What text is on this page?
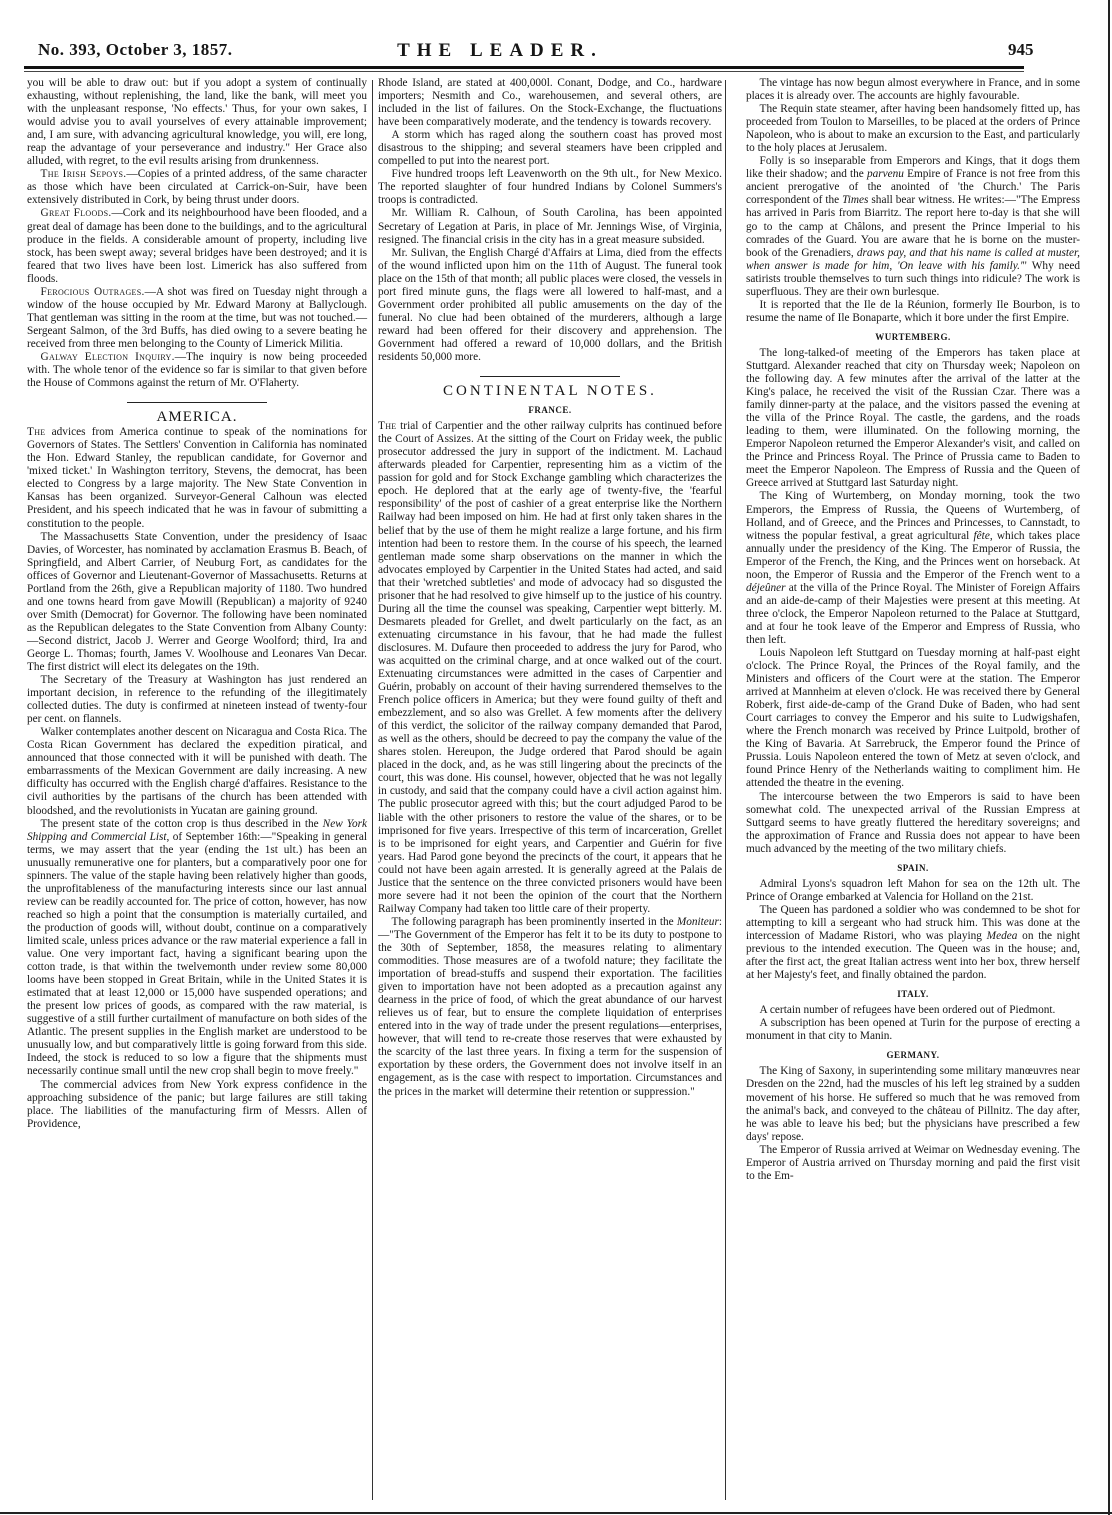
No. 393, October 3, 1857.	THE LEADER.	945

you will be able to draw out: but if you adopt a system of continually exhausting, without replenishing, the land, like the bank, will meet you with the unpleasant response, 'No effects.' Thus, for your own sakes, I would advise you to avail yourselves of every attainable improvement; and, I am sure, with advancing agricultural knowledge, you will, ere long, reap the advantage of your perseverance and industry." Her Grace also alluded, with regret, to the evil results arising from drunkenness.

The Irish Sepoys.—Copies of a printed address, of the same character as those which have been circulated at Carrick-on-Suir, have been extensively distributed in Cork, by being thrust under doors.

Great Floods.—Cork and its neighbourhood have been flooded, and a great deal of damage has been done to the buildings, and to the agricultural produce in the fields. A considerable amount of property, including live stock, has been swept away; several bridges have been destroyed; and it is feared that two lives have been lost. Limerick has also suffered from floods.

Ferocious Outrages.—A shot was fired on Tuesday night through a window of the house occupied by Mr. Edward Marony at Ballyclough. That gentleman was sitting in the room at the time, but was not touched.—Sergeant Salmon, of the 3rd Buffs, has died owing to a severe beating he received from three men belonging to the County of Limerick Militia.

Galway Election Inquiry.—The inquiry is now being proceeded with. The whole tenor of the evidence so far is similar to that given before the House of Commons against the return of Mr. O'Flaherty.

AMERICA.

The advices from America continue to speak of the nominations for Governors of States. The Settlers' Convention in California has nominated the Hon. Edward Stanley, the republican candidate, for Governor and 'mixed ticket.' In Washington territory, Stevens, the democrat, has been elected to Congress by a large majority. The New State Convention in Kansas has been organized. Surveyor-General Calhoun was elected President, and his speech indicated that he was in favour of submitting a constitution to the people.

The Massachusetts State Convention, under the presidency of Isaac Davies, of Worcester, has nominated by acclamation Erasmus B. Beach, of Springfield, and Albert Carrier, of Neuburg Fort, as candidates for the offices of Governor and Lieutenant-Governor of Massachusetts. Returns at Portland from the 26th, give a Republican majority of 1180. Two hundred and one towns heard from gave Mowill (Republican) a majority of 9240 over Smith (Democrat) for Governor. The following have been nominated as the Republican delegates to the State Convention from Albany County:—Second district, Jacob J. Werrer and George Woolford; third, Ira and George L. Thomas; fourth, James V. Woolhouse and Leonares Van Decar. The first district will elect its delegates on the 19th.

The Secretary of the Treasury at Washington has just rendered an important decision, in reference to the refunding of the illegitimately collected duties. The duty is confirmed at nineteen instead of twenty-four per cent. on flannels.

Walker contemplates another descent on Nicaragua and Costa Rica. The Costa Rican Government has declared the expedition piratical, and announced that those connected with it will be punished with death. The embarrassments of the Mexican Government are daily increasing. A new difficulty has occurred with the English chargé d'affaires. Resistance to the civil authorities by the partisans of the church has been attended with bloodshed, and the revolutionists in Yucatan are gaining ground.

The present state of the cotton crop is thus described in the New York Shipping and Commercial List, of September 16th:—"Speaking in general terms, we may assert that the year (ending the 1st ult.) has been an unusually remunerative one for planters, but a comparatively poor one for spinners. The value of the staple having been relatively higher than goods, the unprofitableness of the manufacturing interests since our last annual review can be readily accounted for. The price of cotton, however, has now reached so high a point that the consumption is materially curtailed, and the production of goods will, without doubt, continue on a comparatively limited scale, unless prices advance or the raw material experience a fall in value. One very important fact, having a significant bearing upon the cotton trade, is that within the twelvemonth under review some 80,000 looms have been stopped in Great Britain, while in the United States it is estimated that at least 12,000 or 15,000 have suspended operations; and the present low prices of goods, as compared with the raw material, is suggestive of a still further curtailment of manufacture on both sides of the Atlantic. The present supplies in the English market are understood to be unusually low, and but comparatively little is going forward from this side. Indeed, the stock is reduced to so low a figure that the shipments must necessarily continue small until the new crop shall begin to move freely."

The commercial advices from New York express confidence in the approaching subsidence of the panic; but large failures are still taking place. The liabilities of the manufacturing firm of Messrs. Allen of Providence,

Rhode Island, are stated at 400,000l. Conant, Dodge, and Co., hardware importers; Nesmith and Co., warehousemen, and several others, are included in the list of failures. On the Stock-Exchange, the fluctuations have been comparatively moderate, and the tendency is towards recovery.

A storm which has raged along the southern coast has proved most disastrous to the shipping; and several steamers have been crippled and compelled to put into the nearest port.

Five hundred troops left Leavenworth on the 9th ult., for New Mexico. The reported slaughter of four hundred Indians by Colonel Summers's troops is contradicted.

Mr. William R. Calhoun, of South Carolina, has been appointed Secretary of Legation at Paris, in place of Mr. Jennings Wise, of Virginia, resigned. The financial crisis in the city has in a great measure subsided.

Mr. Sulivan, the English Chargé d'Affairs at Lima, died from the effects of the wound inflicted upon him on the 11th of August. The funeral took place on the 15th of that month; all public places were closed, the vessels in port fired minute guns, the flags were all lowered to half-mast, and a Government order prohibited all public amusements on the day of the funeral. No clue had been obtained of the murderers, although a large reward had been offered for their discovery and apprehension. The Government had offered a reward of 10,000 dollars, and the British residents 50,000 more.

CONTINENTAL NOTES.
FRANCE.

The trial of Carpentier and the other railway culprits has continued before the Court of Assizes. At the sitting of the Court on Friday week, the public prosecutor addressed the jury in support of the indictment. M. Lachaud afterwards pleaded for Carpentier, representing him as a victim of the passion for gold and for Stock Exchange gambling which characterizes the epoch. He deplored that at the early age of twenty-five, the 'fearful responsibility' of the post of cashier of a great enterprise like the Northern Railway had been imposed on him. He had at first only taken shares in the belief that by the use of them he might realize a large fortune, and his firm intention had been to restore them. In the course of his speech, the learned gentleman made some sharp observations on the manner in which the advocates employed by Carpentier in the United States had acted, and said that their 'wretched subtleties' and mode of advocacy had so disgusted the prisoner that he had resolved to give himself up to the justice of his country. During all the time the counsel was speaking, Carpentier wept bitterly. M. Desmarets pleaded for Grellet, and dwelt particularly on the fact, as an extenuating circumstance in his favour, that he had made the fullest disclosures. M. Dufaure then proceeded to address the jury for Parod, who was acquitted on the criminal charge, and at once walked out of the court. Extenuating circumstances were admitted in the cases of Carpentier and Guérin, probably on account of their having surrendered themselves to the French police officers in America; but they were found guilty of theft and embezzlement, and so also was Grellet. A few moments after the delivery of this verdict, the solicitor of the railway company demanded that Parod, as well as the others, should be decreed to pay the company the value of the shares stolen. Hereupon, the Judge ordered that Parod should be again placed in the dock, and, as he was still lingering about the precincts of the court, this was done. His counsel, however, objected that he was not legally in custody, and said that the company could have a civil action against him. The public prosecutor agreed with this; but the court adjudged Parod to be liable with the other prisoners to restore the value of the shares, or to be imprisoned for five years. Irrespective of this term of incarceration, Grellet is to be imprisoned for eight years, and Carpentier and Guérin for five years. Had Parod gone beyond the precincts of the court, it appears that he could not have been again arrested. It is generally agreed at the Palais de Justice that the sentence on the three convicted prisoners would have been more severe had it not been the opinion of the court that the Northern Railway Company had taken too little care of their property.

The following paragraph has been prominently inserted in the Moniteur:—"The Government of the Emperor has felt it to be its duty to postpone to the 30th of September, 1858, the measures relating to alimentary commodities. Those measures are of a twofold nature; they facilitate the importation of bread-stuffs and suspend their exportation. The facilities given to importation have not been adopted as a precaution against any dearness in the price of food, of which the great abundance of our harvest relieves us of fear, but to ensure the complete liquidation of enterprises entered into in the way of trade under the present regulations—enterprises, however, that will tend to re-create those reserves that were exhausted by the scarcity of the last three years. In fixing a term for the suspension of exportation by these orders, the Government does not involve itself in an engagement, as is the case with respect to importation. Circumstances and the prices in the market will determine their retention or suppression."

The vintage has now begun almost everywhere in France, and in some places it is already over. The accounts are highly favourable.

The Requin state steamer, after having been handsomely fitted up, has proceeded from Toulon to Marseilles, to be placed at the orders of Prince Napoleon, who is about to make an excursion to the East, and particularly to the holy places at Jerusalem.

Folly is so inseparable from Emperors and Kings, that it dogs them like their shadow; and the parvenu Empire of France is not free from this ancient prerogative of the anointed of 'the Church.' The Paris correspondent of the Times shall bear witness. He writes:—"The Empress has arrived in Paris from Biarritz. The report here to-day is that she will go to the camp at Châlons, and present the Prince Imperial to his comrades of the Guard. You are aware that he is borne on the muster-book of the Grenadiers, draws pay, and that his name is called at muster, when answer is made for him, 'On leave with his family.'" Why need satirists trouble themselves to turn such things into ridicule? The work is superfluous. They are their own burlesque.

It is reported that the Ile de la Réunion, formerly Ile Bourbon, is to resume the name of Ile Bonaparte, which it bore under the first Empire.

WURTEMBERG.

The long-talked-of meeting of the Emperors has taken place at Stuttgard. Alexander reached that city on Thursday week; Napoleon on the following day. A few minutes after the arrival of the latter at the King's palace, he received the visit of the Russian Czar. There was a family dinner-party at the palace, and the visitors passed the evening at the villa of the Prince Royal. The castle, the gardens, and the roads leading to them, were illuminated. On the following morning, the Emperor Napoleon returned the Emperor Alexander's visit, and called on the Prince and Princess Royal. The Prince of Prussia came to Baden to meet the Emperor Napoleon. The Empress of Russia and the Queen of Greece arrived at Stuttgard last Saturday night.

The King of Wurtemberg, on Monday morning, took the two Emperors, the Empress of Russia, the Queens of Wurtemberg, of Holland, and of Greece, and the Princes and Princesses, to Cannstadt, to witness the popular festival, a great agricultural fête, which takes place annually under the presidency of the King. The Emperor of Russia, the Emperor of the French, the King, and the Princes went on horseback. At noon, the Emperor of Russia and the Emperor of the French went to a déjeûner at the villa of the Prince Royal. The Minister of Foreign Affairs and an aide-de-camp of their Majesties were present at this meeting. At three o'clock, the Emperor Napoleon returned to the Palace at Stuttgard, and at four he took leave of the Emperor and Empress of Russia, who then left.

Louis Napoleon left Stuttgard on Tuesday morning at half-past eight o'clock. The Prince Royal, the Princes of the Royal family, and the Ministers and officers of the Court were at the station. The Emperor arrived at Mannheim at eleven o'clock. He was received there by General Roberk, first aide-de-camp of the Grand Duke of Baden, who had sent Court carriages to convey the Emperor and his suite to Ludwigshafen, where the French monarch was received by Prince Luitpold, brother of the King of Bavaria. At Sarrebruck, the Emperor found the Prince of Prussia. Louis Napoleon entered the town of Metz at seven o'clock, and found Prince Henry of the Netherlands waiting to compliment him. He attended the theatre in the evening.

The intercourse between the two Emperors is said to have been somewhat cold. The unexpected arrival of the Russian Empress at Suttgard seems to have greatly fluttered the hereditary sovereigns; and the approximation of France and Russia does not appear to have been much advanced by the meeting of the two military chiefs.

SPAIN.

Admiral Lyons's squadron left Mahon for sea on the 12th ult. The Prince of Orange embarked at Valencia for Holland on the 21st.

The Queen has pardoned a soldier who was condemned to be shot for attempting to kill a sergeant who had struck him. This was done at the intercession of Madame Ristori, who was playing Medea on the night previous to the intended execution. The Queen was in the house; and, after the first act, the great Italian actress went into her box, threw herself at her Majesty's feet, and finally obtained the pardon.

ITALY.

A certain number of refugees have been ordered out of Piedmont.

A subscription has been opened at Turin for the purpose of erecting a monument in that city to Manin.

GERMANY.

The King of Saxony, in superintending some military manœuvres near Dresden on the 22nd, had the muscles of his left leg strained by a sudden movement of his horse. He suffered so much that he was removed from the animal's back, and conveyed to the château of Pillnitz. The day after, he was able to leave his bed; but the physicians have prescribed a few days' repose.

The Emperor of Russia arrived at Weimar on Wednesday evening. The Emperor of Austria arrived on Thursday morning and paid the first visit to the Em-
